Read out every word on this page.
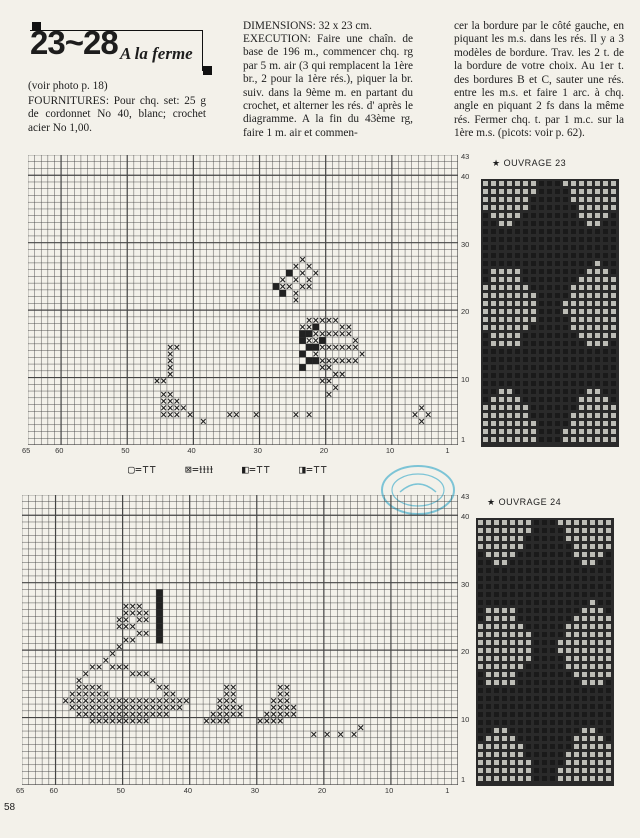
23~28 A la ferme
(voir photo p. 18)
FOURNITURES: Pour chq. set: 25 g de cordonnet No 40, blanc; crochet acier No 1,00.
DIMENSIONS: 32 x 23 cm.
EXECUTION: Faire une chaîn. de base de 196 m., commencer chq. rg par 5 m. air (3 qui remplacent la 1ère br., 2 pour la 1ère rés.), piquer la br. suiv. dans la 9ème m. en partant du crochet, et alterner les rés. d' après le diagramme. A la fin du 43ème rg, faire 1 m. air et commen-
cer la bordure par le côté gauche, en piquant les m.s. dans les rés. Il y a 3 modèles de bordure. Trav. les 2 t. de la bordure de votre choix. Au 1er t. des bordures B et C, sauter une rés. entre les m.s. et faire 1 arc. à chq. angle en piquant 2 fs dans la même rés. Fermer chq. t. par 1 m.c. sur la 1ère m.s. (picots: voir p. 62).
★ OUVRAGE 23
65	60	50	40	30	20	10	1
43
40
30
20
10
1
▢=⊤⊤	⊠=ⱡⱡⱡⱡ	◧=⊤⊤	◨=⊤⊤
★ OUVRAGE 24
65	60	50	40	30	20	10	1
43
40
30
20
10
1
58
